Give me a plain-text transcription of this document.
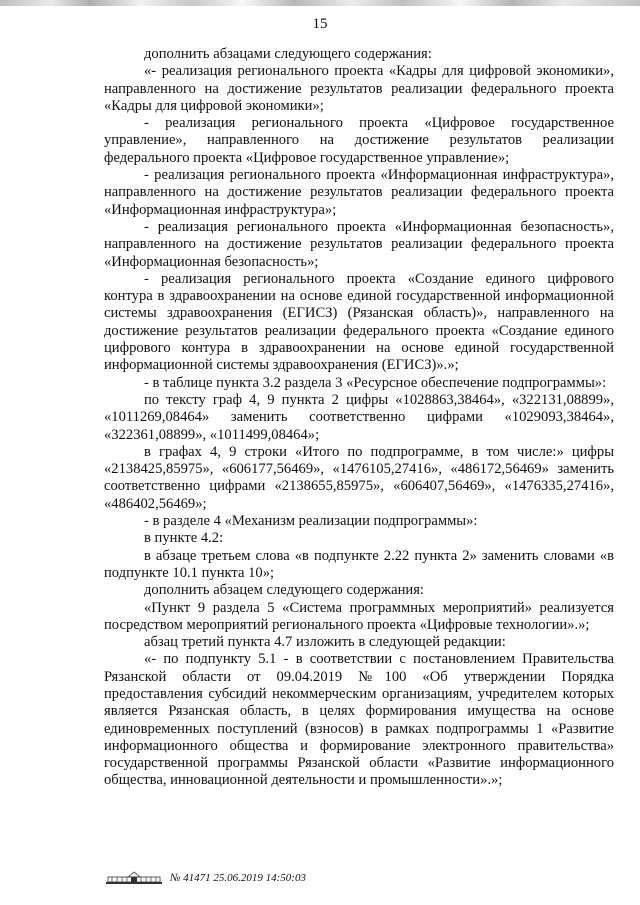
15

дополнить абзацами следующего содержания:

«- реализация регионального проекта «Кадры для цифровой экономики», направленного на достижение результатов реализации федерального проекта «Кадры для цифровой экономики»;

- реализация регионального проекта «Цифровое государственное управление», направленного на достижение результатов реализации федерального проекта «Цифровое государственное управление»;

- реализация регионального проекта «Информационная инфраструктура», направленного на достижение результатов реализации федерального проекта «Информационная инфраструктура»;

- реализация регионального проекта «Информационная безопасность», направленного на достижение результатов реализации федерального проекта «Информационная безопасность»;

- реализация регионального проекта «Создание единого цифрового контура в здравоохранении на основе единой государственной информационной системы здравоохранения (ЕГИСЗ) (Рязанская область)», направленного на достижение результатов реализации федерального проекта «Создание единого цифрового контура в здравоохранении на основе единой государственной информационной системы здравоохранения (ЕГИСЗ)».»;

- в таблице пункта 3.2 раздела 3 «Ресурсное обеспечение подпрограммы»:

по тексту граф 4, 9 пункта 2 цифры «1028863,38464», «322131,08899», «1011269,08464» заменить соответственно цифрами «1029093,38464», «322361,08899», «1011499,08464»;

в графах 4, 9 строки «Итого по подпрограмме, в том числе:» цифры «2138425,85975», «606177,56469», «1476105,27416», «486172,56469» заменить соответственно цифрами «2138655,85975», «606407,56469», «1476335,27416», «486402,56469»;

- в разделе 4 «Механизм реализации подпрограммы»:

в пункте 4.2:

в абзаце третьем слова «в подпункте 2.22 пункта 2» заменить словами «в подпункте 10.1 пункта 10»;

дополнить абзацем следующего содержания:

«Пункт 9 раздела 5 «Система программных мероприятий» реализуется посредством мероприятий регионального проекта «Цифровые технологии».»;

абзац третий пункта 4.7 изложить в следующей редакции:

«- по подпункту 5.1 - в соответствии с постановлением Правительства Рязанской области от 09.04.2019 №100 «Об утверждении Порядка предоставления субсидий некоммерческим организациям, учредителем которых является Рязанская область, в целях формирования имущества на основе единовременных поступлений (взносов) в рамках подпрограммы 1 «Развитие информационного общества и формирование электронного правительства» государственной программы Рязанской области «Развитие информационного общества, инновационной деятельности и промышленности».»;

№ 41471 25.06.2019 14:50:03
